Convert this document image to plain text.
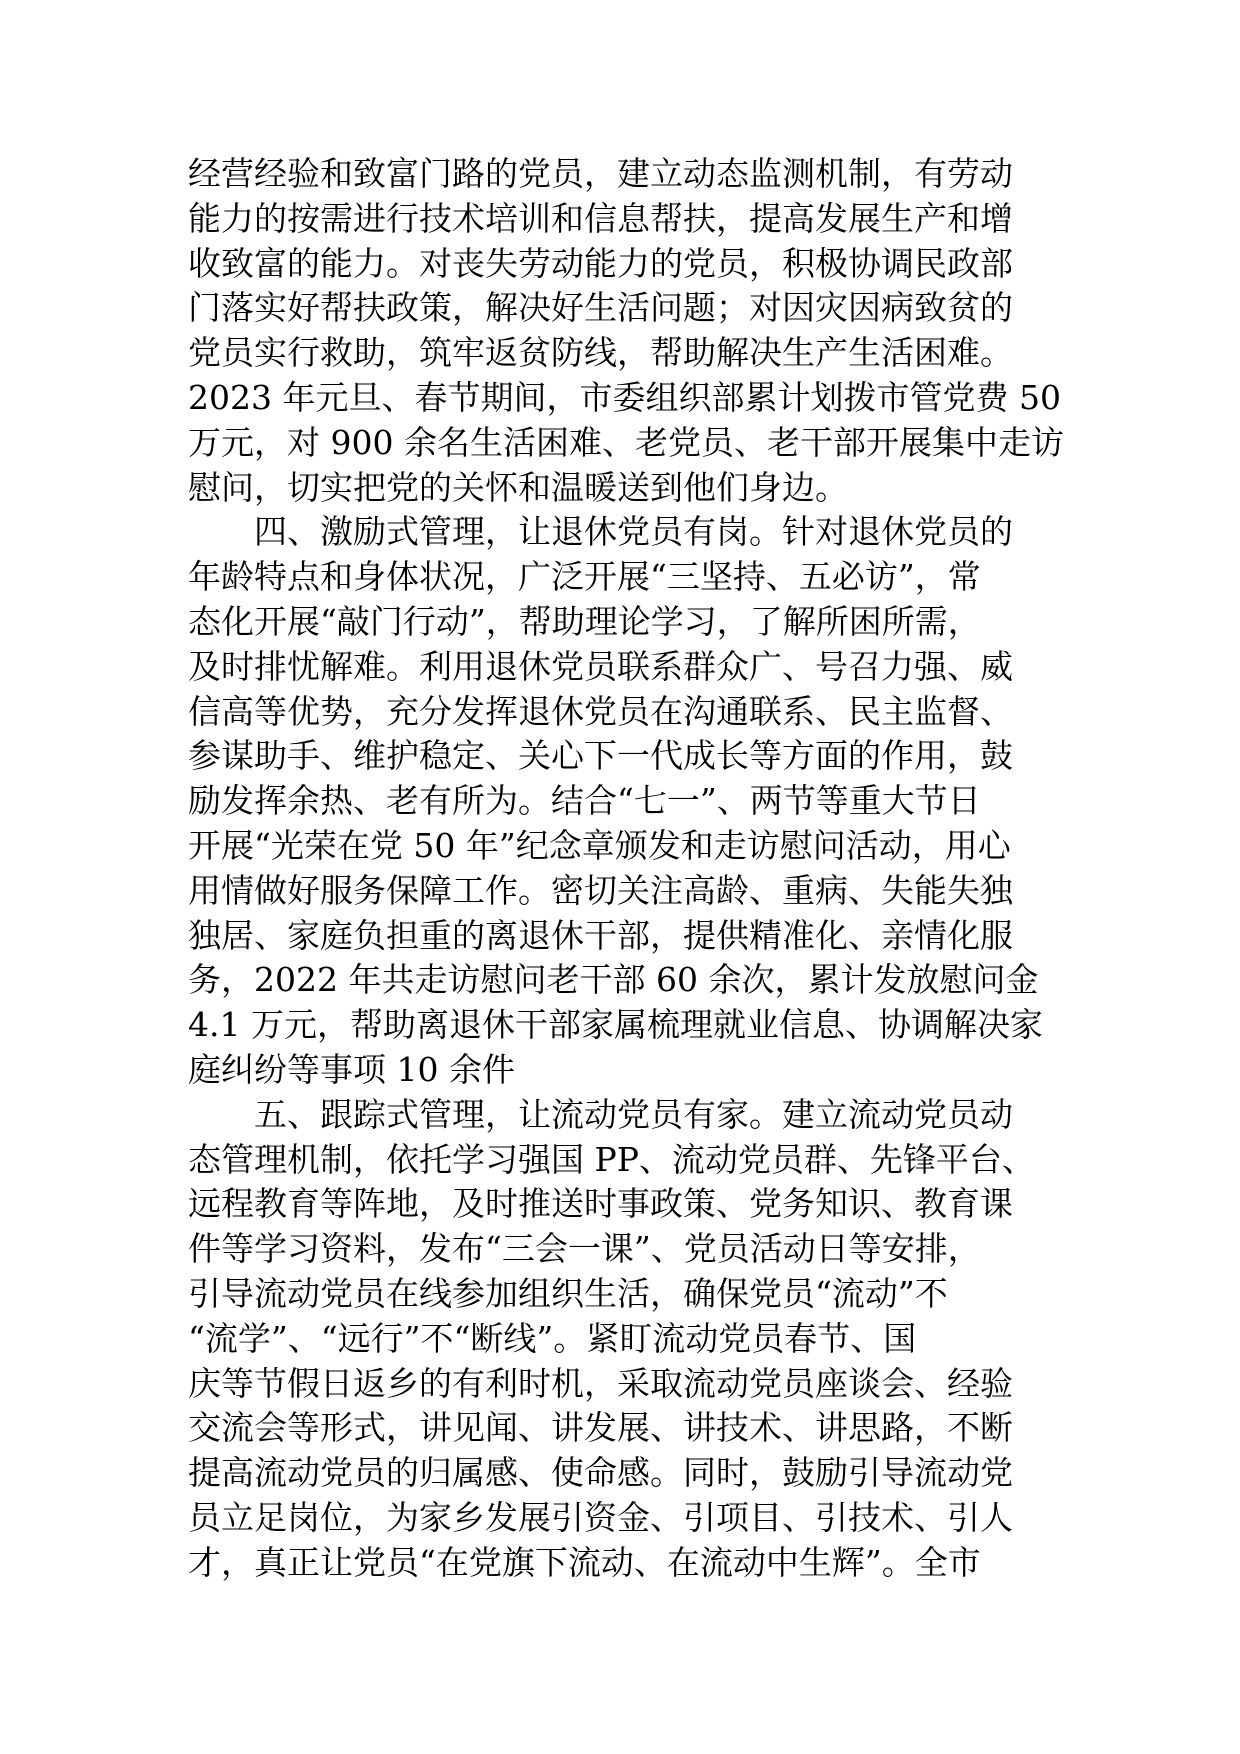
经营经验和致富门路的党员，建立动态监测机制，有劳动
能力的按需进行技术培训和信息帮扶，提高发展生产和增
收致富的能力。对丧失劳动能力的党员，积极协调民政部
门落实好帮扶政策，解决好生活问题；对因灾因病致贫的
党员实行救助，筑牢返贫防线，帮助解决生产生活困难。
2023 年元旦、春节期间，市委组织部累计划拨市管党费 50
万元，对 900 余名生活困难、老党员、老干部开展集中走访
慰问，切实把党的关怀和温暖送到他们身边。
四、激励式管理，让退休党员有岗。针对退休党员的
年龄特点和身体状况，广泛开展“三坚持、五必访”，常
态化开展“敲门行动”，帮助理论学习，了解所困所需，
及时排忧解难。利用退休党员联系群众广、号召力强、威
信高等优势，充分发挥退休党员在沟通联系、民主监督、
参谋助手、维护稳定、关心下一代成长等方面的作用，鼓
励发挥余热、老有所为。结合“七一”、两节等重大节日
开展“光荣在党 50 年”纪念章颁发和走访慰问活动，用心
用情做好服务保障工作。密切关注高龄、重病、失能失独
独居、家庭负担重的离退休干部，提供精准化、亲情化服
务，2022 年共走访慰问老干部 60 余次，累计发放慰问金
4.1 万元，帮助离退休干部家属梳理就业信息、协调解决家
庭纠纷等事项 10 余件
五、跟踪式管理，让流动党员有家。建立流动党员动
态管理机制，依托学习强国 PP、流动党员群、先锋平台、
远程教育等阵地，及时推送时事政策、党务知识、教育课
件等学习资料，发布“三会一课”、党员活动日等安排，
引导流动党员在线参加组织生活，确保党员“流动”不
“流学”、“远行”不“断线”。紧盯流动党员春节、国
庆等节假日返乡的有利时机，采取流动党员座谈会、经验
交流会等形式，讲见闻、讲发展、讲技术、讲思路，不断
提高流动党员的归属感、使命感。同时，鼓励引导流动党
员立足岗位，为家乡发展引资金、引项目、引技术、引人
才，真正让党员“在党旗下流动、在流动中生辉”。全市
